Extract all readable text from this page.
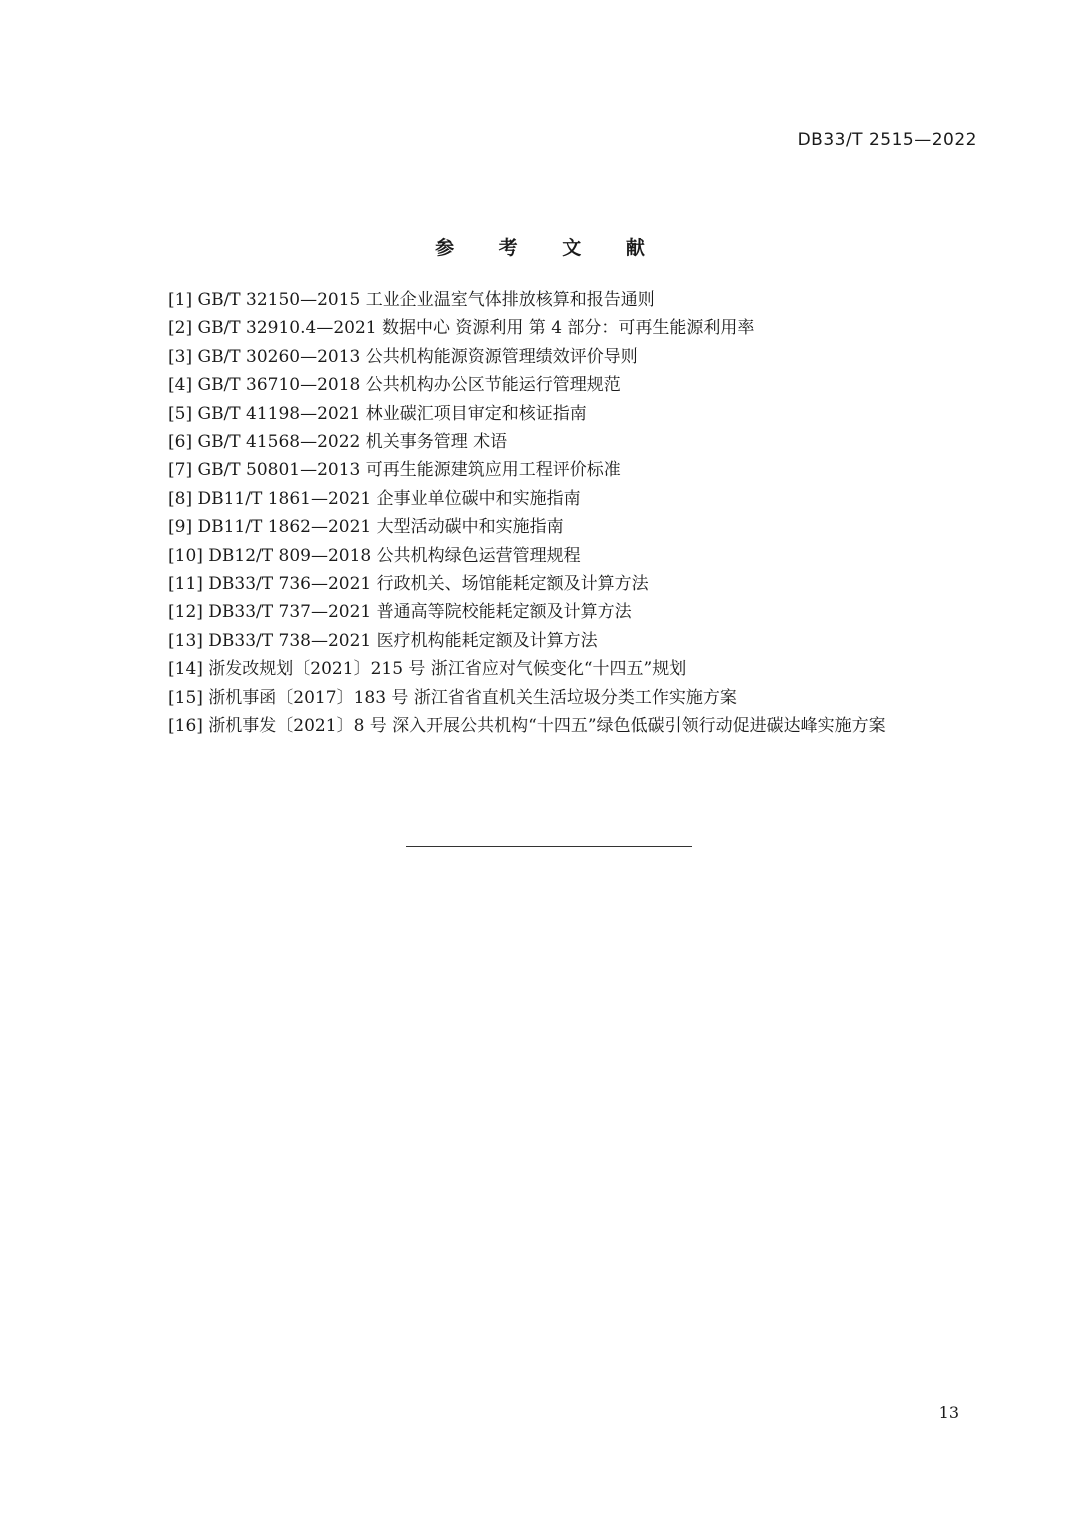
DB33/T 2515—2022
参 考 文 献
[1] GB/T 32150—2015 工业企业温室气体排放核算和报告通则
[2] GB/T 32910.4—2021 数据中心 资源利用 第 4 部分：可再生能源利用率
[3] GB/T 30260—2013 公共机构能源资源管理绩效评价导则
[4] GB/T 36710—2018 公共机构办公区节能运行管理规范
[5] GB/T 41198—2021 林业碳汇项目审定和核证指南
[6] GB/T 41568—2022 机关事务管理 术语
[7] GB/T 50801—2013 可再生能源建筑应用工程评价标准
[8] DB11/T 1861—2021 企事业单位碳中和实施指南
[9] DB11/T 1862—2021 大型活动碳中和实施指南
[10] DB12/T 809—2018 公共机构绿色运营管理规程
[11] DB33/T 736—2021 行政机关、场馆能耗定额及计算方法
[12] DB33/T 737—2021 普通高等院校能耗定额及计算方法
[13] DB33/T 738—2021 医疗机构能耗定额及计算方法
[14] 浙发改规划〔2021〕215 号 浙江省应对气候变化“十四五”规划
[15] 浙机事函〔2017〕183 号 浙江省省直机关生活垃圾分类工作实施方案
[16] 浙机事发〔2021〕8 号 深入开展公共机构“十四五”绿色低碳引领行动促进碳达峰实施方案
13
